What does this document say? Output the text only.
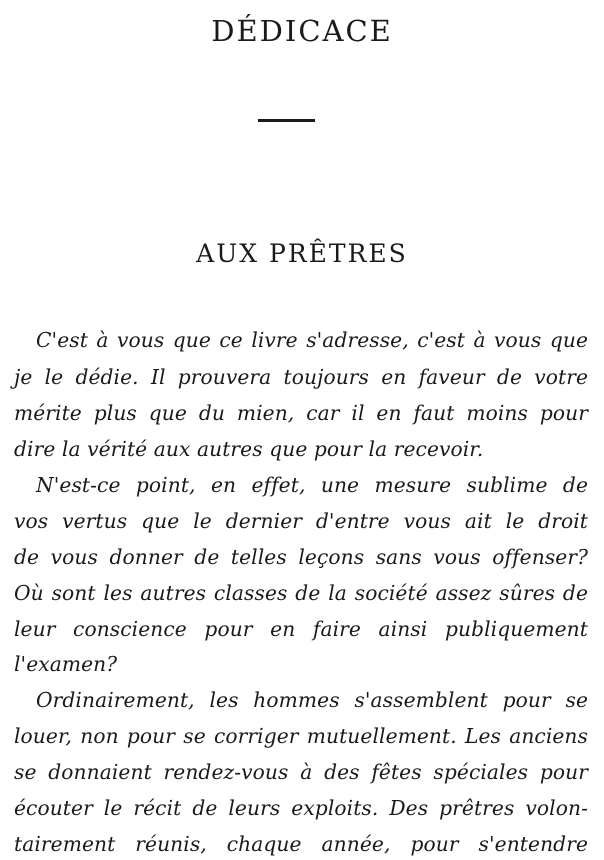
DÉDICACE
AUX PRÊTRES
C'est à vous que ce livre s'adresse, c'est à vous que
je le dédie. Il prouvera toujours en faveur de votre
mérite plus que du mien, car il en faut moins pour
dire la vérité aux autres que pour la recevoir.
N'est-ce point, en effet, une mesure sublime de
vos vertus que le dernier d'entre vous ait le droit
de vous donner de telles leçons sans vous offenser?
Où sont les autres classes de la société assez sûres de
leur conscience pour en faire ainsi publiquement
l'examen?
Ordinairement, les hommes s'assemblent pour se
louer, non pour se corriger mutuellement. Les anciens
se donnaient rendez-vous à des fêtes spéciales pour
écouter le récit de leurs exploits. Des prêtres volon-
tairement réunis, chaque année, pour s'entendre
